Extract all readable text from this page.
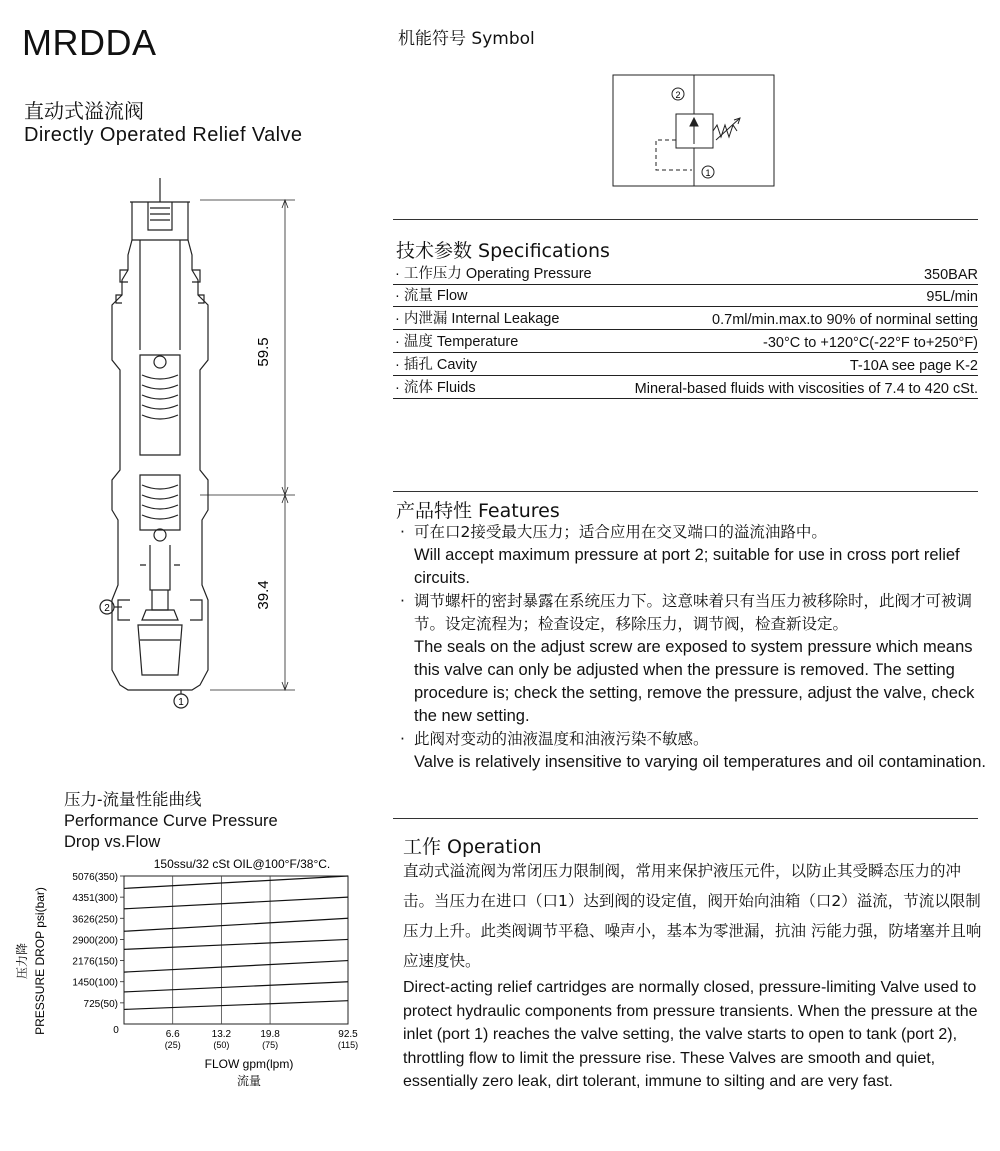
MRDDA
直动式溢流阀
Directly Operated Relief Valve
59.5
39.4
2
1
机能符号 Symbol
2
1
技术参数 Specifications
· 工作压力 Operating Pressure	350BAR
· 流量 Flow	95L/min
· 内泄漏 Internal Leakage	0.7ml/min.max.to 90% of norminal setting
· 温度 Temperature	-30°C to +120°C(-22°F to+250°F)
· 插孔 Cavity	T-10A see page K-2
· 流体 Fluids	Mineral-based fluids with viscosities of 7.4 to 420 cSt.
产品特性 Features
· 可在口2接受最大压力；适合应用在交叉端口的溢流油路中。
Will accept maximum pressure at port 2; suitable for use in cross port relief circuits.
· 调节螺杆的密封暴露在系统压力下。这意味着只有当压力被移除时，此阀才可被调节。设定流程为；检查设定，移除压力，调节阀，检查新设定。
The seals on the adjust screw are exposed to system pressure which means this valve can only be adjusted when the pressure is removed. The setting procedure is; check the setting, remove the pressure, adjust the valve, check the new setting.
· 此阀对变动的油液温度和油液污染不敏感。
Valve is relatively insensitive to varying oil temperatures and oil contamination.
工作 Operation
直动式溢流阀为常闭压力限制阀，常用来保护液压元件，以防止其受瞬态压力的冲击。当压力在进口（口1）达到阀的设定值，阀开始向油箱（口2）溢流，节流以限制压力上升。此类阀调节平稳、噪声小，基本为零泄漏，抗油 污能力强，防堵塞并且响应速度快。
Direct-acting relief cartridges are normally closed, pressure-limiting Valve used to protect hydraulic components from pressure transients. When the pressure at the inlet (port 1) reaches the valve setting, the valve starts to open to tank (port 2), throttling flow to limit the pressure rise. These Valves are smooth and quiet, essentially zero leak, dirt tolerant, immune to silting and are very fast.
压力-流量性能曲线
Performance Curve Pressure
Drop vs.Flow
150ssu/32 cSt OIL@100°F/38°C.
压力降 PRESSURE DROP psi(bar)	0
FLOW gpm(lpm)
流量
6.6
(25)
13.2
(50)
19.8
(75)
92.5
(115)
5076(350)
4351(300)
3626(250)
2900(200)
2176(150)
1450(100)
725(50)
